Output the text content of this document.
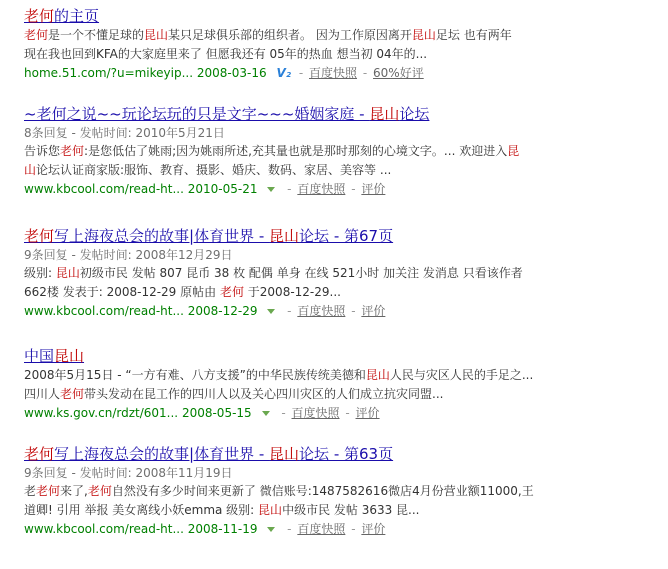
老何的主页
老何是一个不懂足球的昆山某只足球俱乐部的组织者。 因为工作原因离开昆山足坛 也有两年
现在我也回到KFA的大家庭里来了 但愿我还有 05年的热血 想当初 04年的...
home.51.com/?u=mikeyip... 2008-03-16 V₂ - 百度快照 - 60%好评
~老何之说~~玩论坛玩的只是文字~~~婚姻家庭 - 昆山论坛
8条回复 - 发帖时间: 2010年5月21日
告诉您老何:是您低估了姚雨;因为姚雨所述,充其量也就是那时那刻的心境文字。... 欢迎进入昆
山论坛认证商家版:服饰、教育、摄影、婚庆、数码、家居、美容等 ...
www.kbcool.com/read-ht... 2010-05-21 - 百度快照 - 评价
老何写上海夜总会的故事|体育世界 - 昆山论坛 - 第67页
9条回复 - 发帖时间: 2008年12月29日
级别: 昆山初级市民 发帖 807 昆币 38 枚 配偶 单身 在线 521小时 加关注 发消息 只看该作者
662楼 发表于: 2008-12-29 原帖由 老何 于2008-12-29...
www.kbcool.com/read-ht... 2008-12-29 - 百度快照 - 评价
中国昆山
2008年5月15日 - “一方有难、八方支援”的中华民族传统美德和昆山人民与灾区人民的手足之...
四川人老何带头发动在昆工作的四川人以及关心四川灾区的人们成立抗灾同盟...
www.ks.gov.cn/rdzt/601... 2008-05-15 - 百度快照 - 评价
老何写上海夜总会的故事|体育世界 - 昆山论坛 - 第63页
9条回复 - 发帖时间: 2008年11月19日
老老何来了,老何自然没有多少时间来更新了 微信账号:1487582616微店4月份营业额11000,王
道卿! 引用 举报 美女离线小妖emma 级别: 昆山中级市民 发帖 3633 昆...
www.kbcool.com/read-ht... 2008-11-19 - 百度快照 - 评价
